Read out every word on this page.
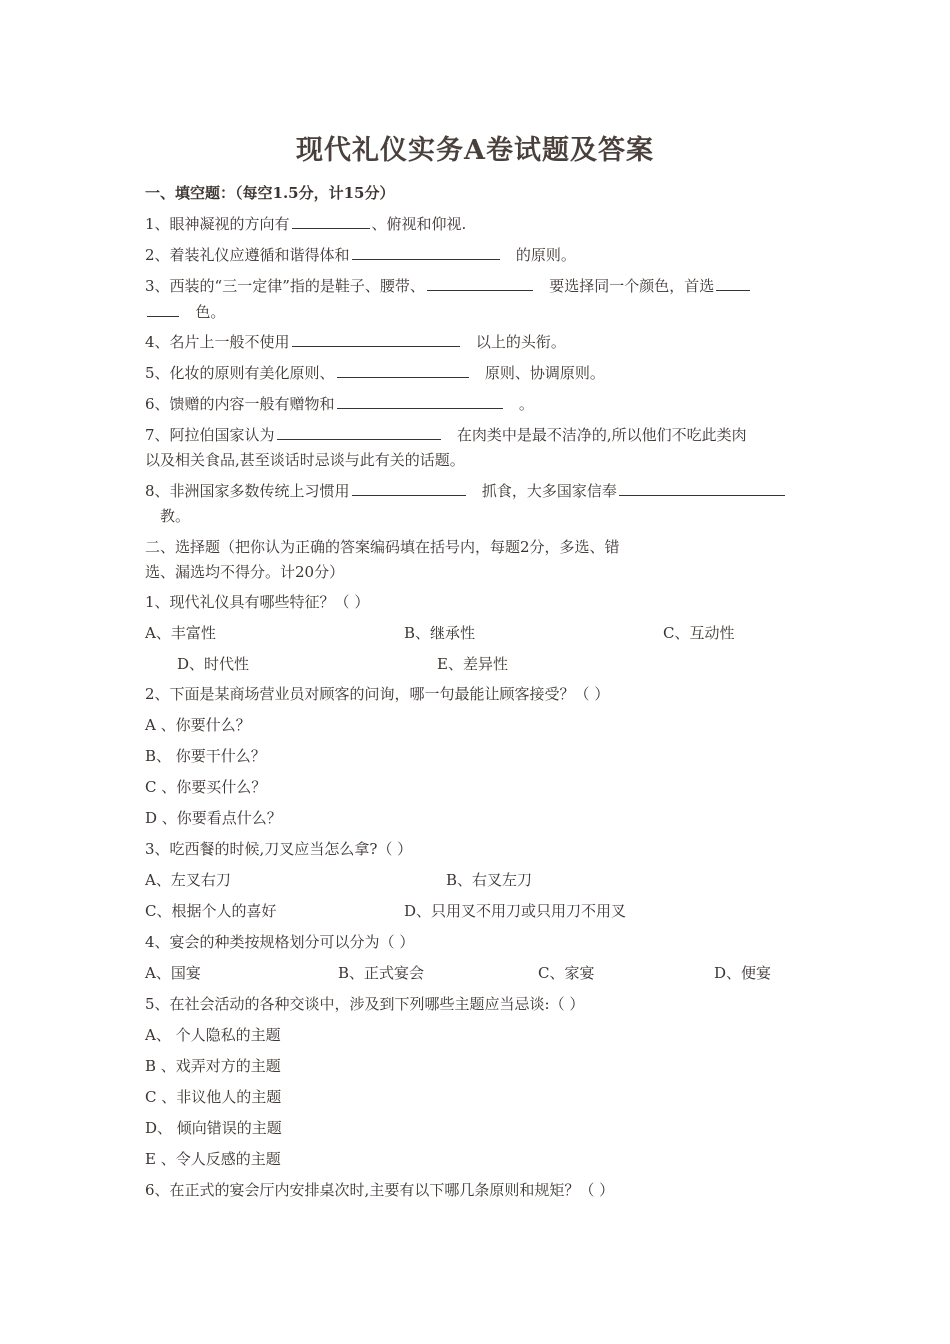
现代礼仪实务A卷试题及答案
一、填空题：（每空1.5分，计15分）
1、眼神凝视的方向有	、俯视和仰视.
2、着装礼仪应遵循和谐得体和	的原则。
3、西装的“三一定律”指的是鞋子、腰带、	要选择同一个颜色，首选
色。
4、名片上一般不使用	以上的头衔。
5、化妆的原则有美化原则、	原则、协调原则。
6、馈赠的内容一般有赠物和	。
7、阿拉伯国家认为	在肉类中是最不洁净的,所以他们不吃此类肉
以及相关食品,甚至谈话时忌谈与此有关的话题。
8、非洲国家多数传统上习惯用	抓食，大多国家信奉
教。
二、选择题（把你认为正确的答案编码填在括号内，每题2分，多选、错
选、漏选均不得分。计20分）
1、现代礼仪具有哪些特征？（ ）
A、丰富性	B、继承性	C、互动性
D、时代性	E、差异性
2、下面是某商场营业员对顾客的问询，哪一句最能让顾客接受？（ ）
A 、你要什么？
B、 你要干什么？
C 、你要买什么？
D 、你要看点什么？
3、吃西餐的时候,刀叉应当怎么拿?（ ）
A、左叉右刀	B、右叉左刀
C、根据个人的喜好	D、只用叉不用刀或只用刀不用叉
4、宴会的种类按规格划分可以分为（ ）
A、国宴	B、正式宴会	C、家宴	D、便宴
5、在社会活动的各种交谈中，涉及到下列哪些主题应当忌谈:（ ）
A、 个人隐私的主题
B 、戏弄对方的主题
C 、非议他人的主题
D、 倾向错误的主题
E 、令人反感的主题
6、在正式的宴会厅内安排桌次时,主要有以下哪几条原则和规矩？（ ）
